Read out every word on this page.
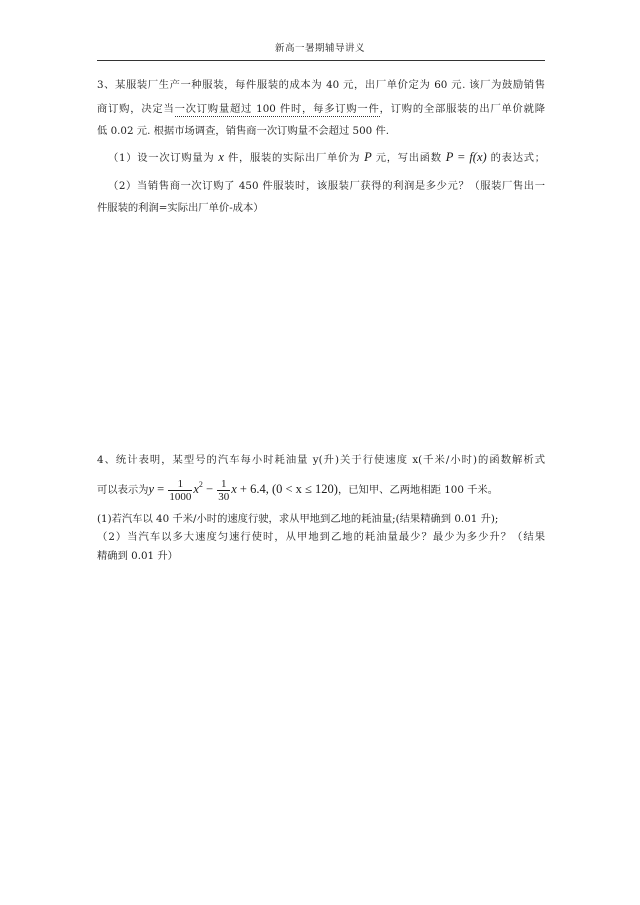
新高一暑期辅导讲义
3、某服装厂生产一种服装，每件服装的成本为 40 元，出厂单价定为 60 元. 该厂为鼓励销售
商订购，决定当一次订购量超过 100 件时，每多订购一件，订购的全部服装的出厂单价就降
低 0.02 元. 根据市场调查，销售商一次订购量不会超过 500 件.
（1）设一次订购量为 x 件，服装的实际出厂单价为 P 元，写出函数 P = f(x) 的表达式；
（2）当销售商一次订购了 450 件服装时，该服装厂获得的利润是多少元？（服装厂售出一
件服装的利润=实际出厂单价-成本）
4、统计表明，某型号的汽车每小时耗油量 y(升)关于行使速度 x(千米/小时)的函数解析式
可以表示为$y = \frac{1}{1000} x^2 - \frac{1}{30}$ x + 6.4, (0 < x ≤ 120)，已知甲、乙两地相距 100 千米。
(1)若汽车以 40 千米/小时的速度行驶，求从甲地到乙地的耗油量;(结果精确到 0.01 升);
（2）当汽车以多大速度匀速行使时，从甲地到乙地的耗油量最少？最少为多少升？（结果
精确到 0.01 升）
